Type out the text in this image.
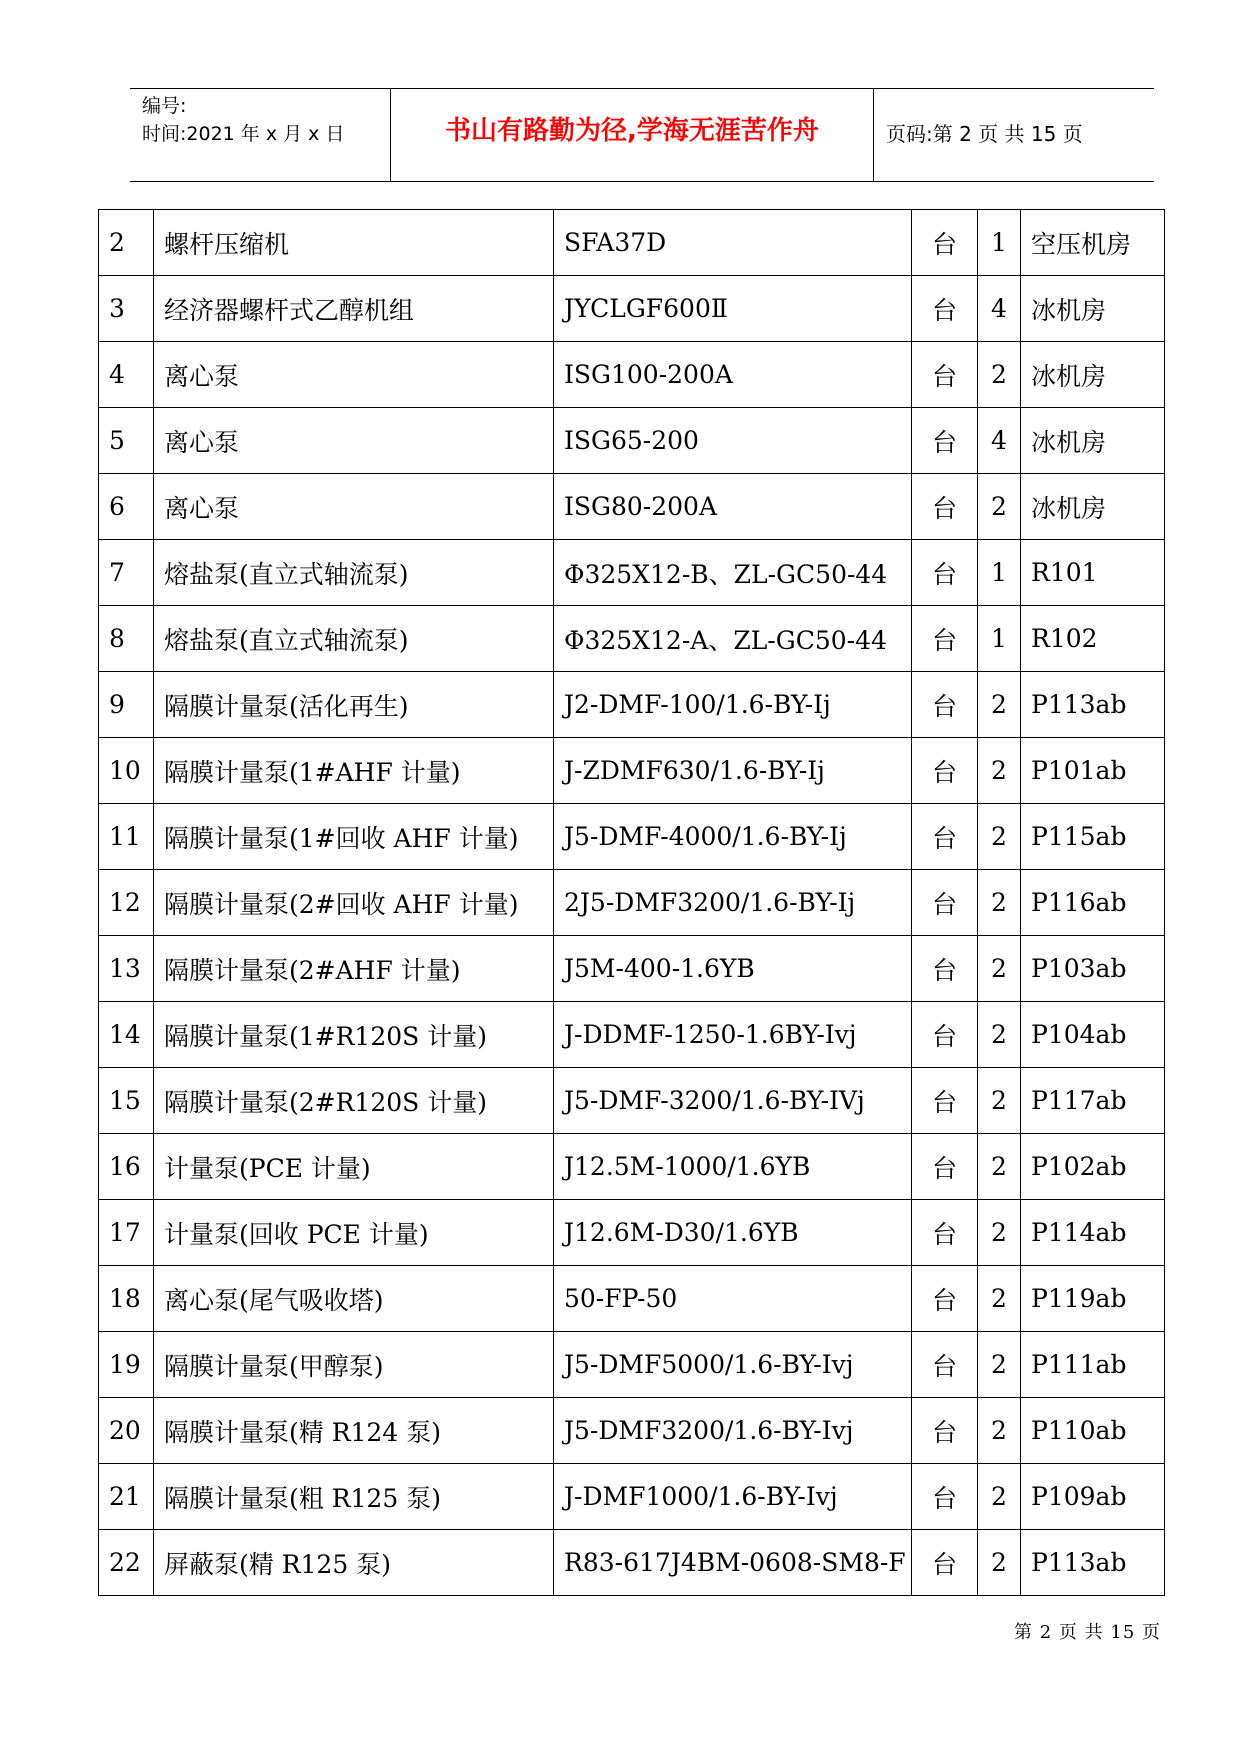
编号:
时间:2021 年 x 月 x 日	书山有路勤为径,学海无涯苦作舟	页码:第 2 页 共 15 页
2	螺杆压缩机	SFA37D	台	1	空压机房
3	经济器螺杆式乙醇机组	JYCLGF600Ⅱ	台	4	冰机房
4	离心泵	ISG100-200A	台	2	冰机房
5	离心泵	ISG65-200	台	4	冰机房
6	离心泵	ISG80-200A	台	2	冰机房
7	熔盐泵(直立式轴流泵)	Φ325X12-B、ZL-GC50-44	台	1	R101
8	熔盐泵(直立式轴流泵)	Φ325X12-A、ZL-GC50-44	台	1	R102
9	隔膜计量泵(活化再生)	J2-DMF-100/1.6-BY-Ij	台	2	P113ab
10	隔膜计量泵(1#AHF 计量)	J-ZDMF630/1.6-BY-Ij	台	2	P101ab
11	隔膜计量泵(1#回收 AHF 计量)	J5-DMF-4000/1.6-BY-Ij	台	2	P115ab
12	隔膜计量泵(2#回收 AHF 计量)	2J5-DMF3200/1.6-BY-Ij	台	2	P116ab
13	隔膜计量泵(2#AHF 计量)	J5M-400-1.6YB	台	2	P103ab
14	隔膜计量泵(1#R120S 计量)	J-DDMF-1250-1.6BY-Ivj	台	2	P104ab
15	隔膜计量泵(2#R120S 计量)	J5-DMF-3200/1.6-BY-IVj	台	2	P117ab
16	计量泵(PCE 计量)	J12.5M-1000/1.6YB	台	2	P102ab
17	计量泵(回收 PCE 计量)	J12.6M-D30/1.6YB	台	2	P114ab
18	离心泵(尾气吸收塔)	50-FP-50	台	2	P119ab
19	隔膜计量泵(甲醇泵)	J5-DMF5000/1.6-BY-Ivj	台	2	P111ab
20	隔膜计量泵(精 R124 泵)	J5-DMF3200/1.6-BY-Ivj	台	2	P110ab
21	隔膜计量泵(粗 R125 泵)	J-DMF1000/1.6-BY-Ivj	台	2	P109ab
22	屏蔽泵(精 R125 泵)	R83-617J4BM-0608-SM8-F	台	2	P113ab
第 2 页 共 15 页
